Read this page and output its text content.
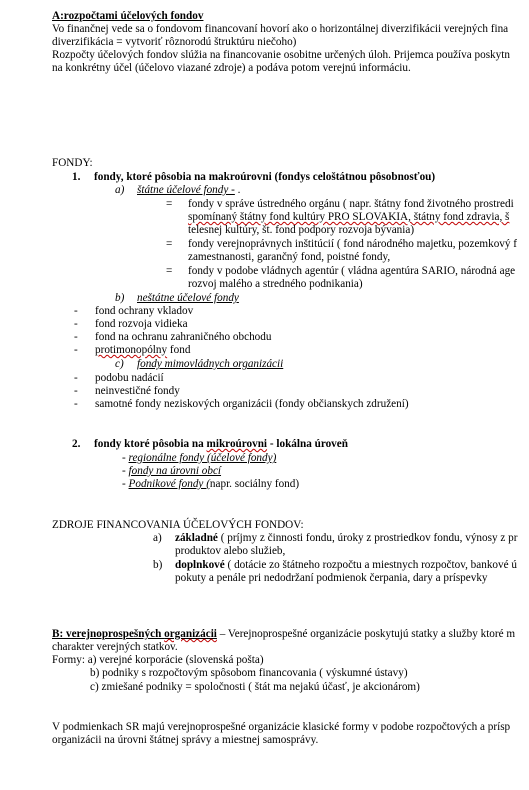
A:rozpočtami účelových fondov
Vo finančnej vede sa o fondovom financovaní hovorí ako o horizontálnej diverzifikácii verejných fina
diverzifikácia = vytvoriť rôznorodú štruktúru niečoho)
Rozpočty účelových fondov slúžia na financovanie osobitne určených úloh. Prijemca používa poskytn
na konkrétny účel (účelovo viazané zdroje) a podáva potom verejnú informáciu.
FONDY:
1. fondy, ktoré pôsobia na makroúrovni (fondys celoštátnou pôsobnosťou)
a) štátne účelové fondy - .
= fondy v správe ústredného orgánu ( napr. štátny fond životného prostredi
spomínaný štátny fond kultúry PRO SLOVAKIA, štátny fond zdravia, š
telesnej kultúry, št. fond podpory rozvoja bývania)
= fondy verejnoprávnych inštitúcií ( fond národného majetku, pozemkový f
zamestnanosti, garančný fond, poistné fondy,
= fondy v podobe vládnych agentúr ( vládna agentúra SARIO, národná age
rozvoj malého a stredného podnikania)
b) neštátne účelové fondy
- fond ochrany vkladov
- fond rozvoja vidieka
- fond na ochranu zahraničného obchodu
- protimonopólny fond
c) fondy mimovládnych organizácii
- podobu nadácií
- neinvestičné fondy
- samotné fondy neziskových organizácii (fondy občianskych združení)
2. fondy ktoré pôsobia na mikroúrovni - lokálna úroveň
- regionálne fondy (účelové fondy)
- fondy na úrovni obcí
- Podnikové fondy (napr. sociálny fond)
ZDROJE FINANCOVANIA ÚČELOVÝCH FONDOV:
a) základné ( príjmy z činnosti fondu, úroky z prostriedkov fondu, výnosy z pr
produktov alebo služieb,
b) doplnkové ( dotácie zo štátneho rozpočtu a miestnych rozpočtov, bankové ú
pokuty a penále pri nedodržaní podmienok čerpania, dary a príspevky
B: verejnoprospešných organizácii – Verejnoprospešné organizácie poskytujú statky a služby ktoré m
charakter verejných statkov.
Formy: a) verejné korporácie (slovenská pošta)
b) podniky s rozpočtovým spôsobom financovania ( výskumné ústavy)
c) zmiešané podniky = spoločnosti ( štát ma nejakú účasť, je akcionárom)
V podmienkach SR majú verejnoprospešné organizácie klasické formy v podobe rozpočtových a prísp
organizácii na úrovni štátnej správy a miestnej samosprávy.
